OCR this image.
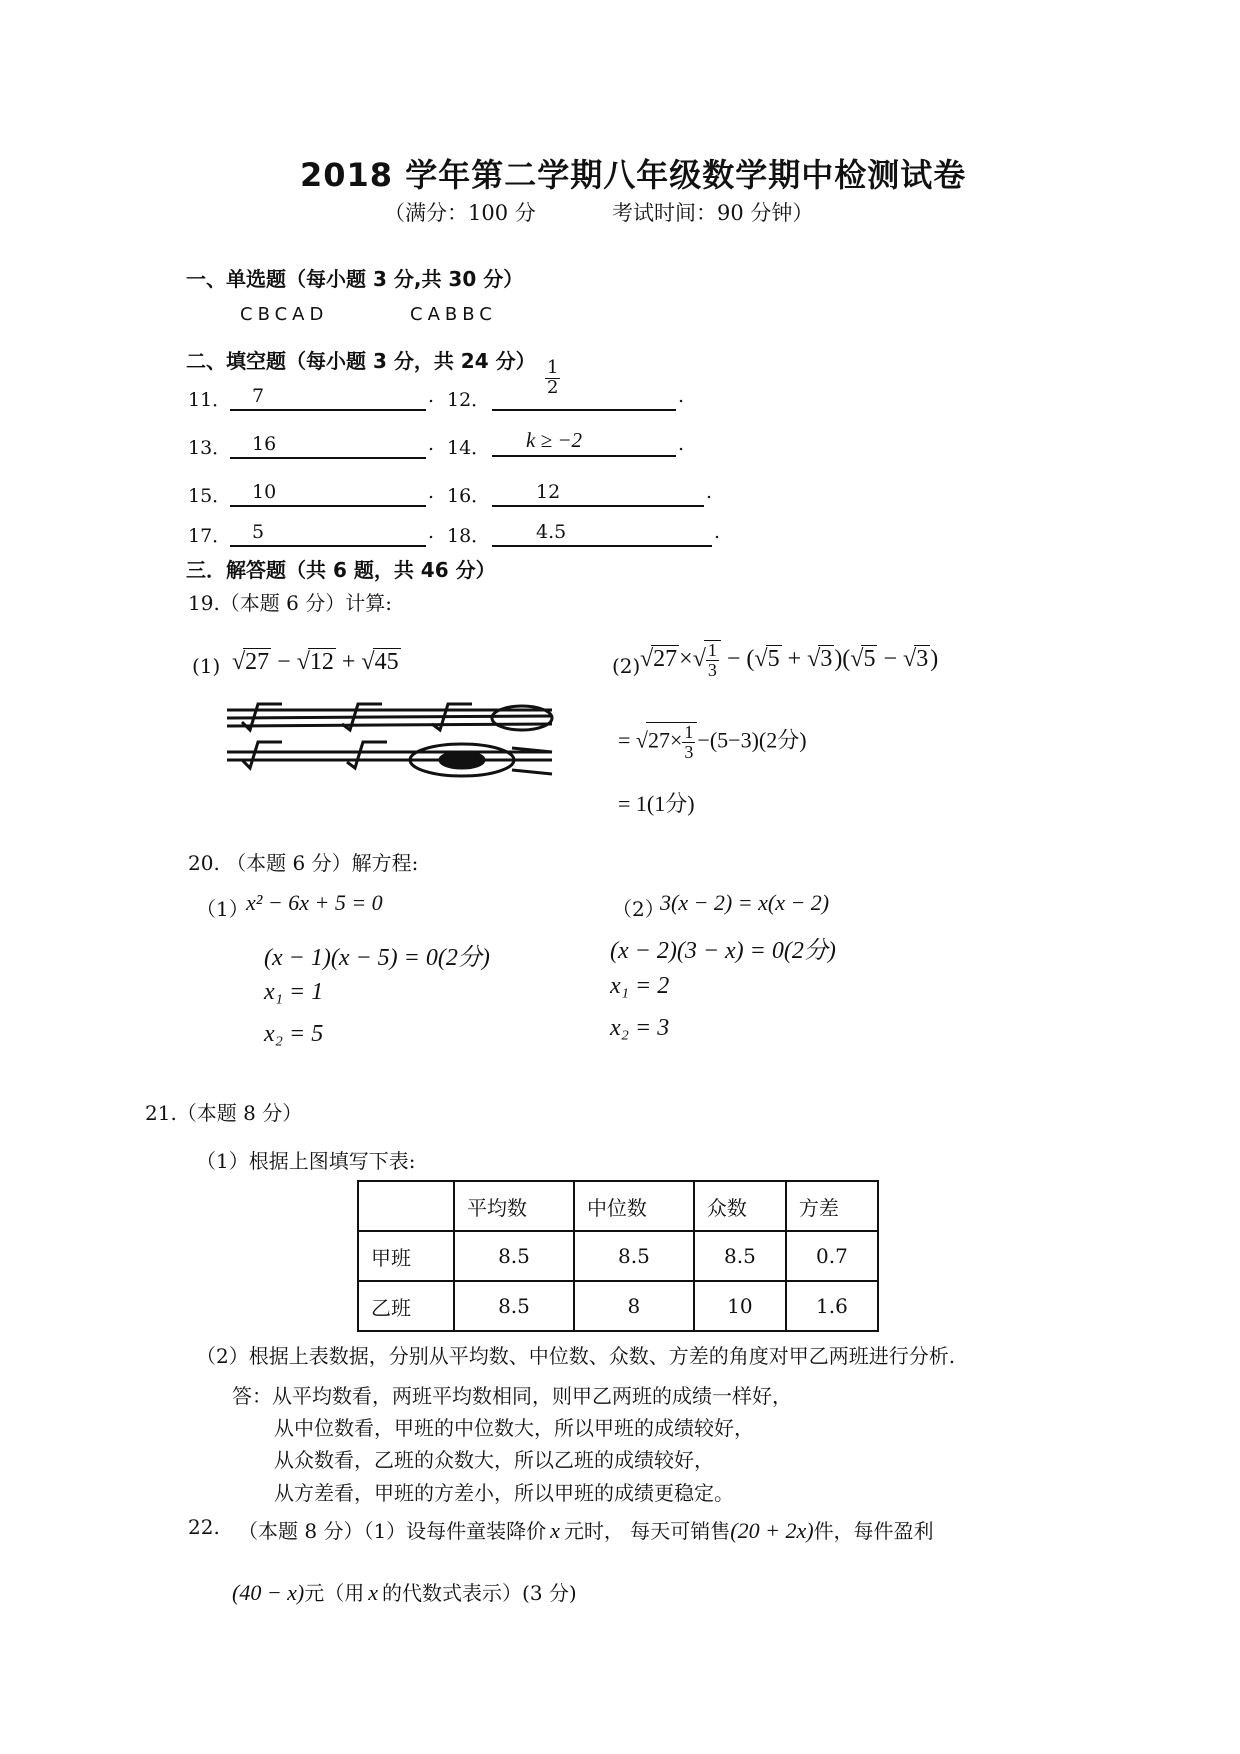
2018 学年第二学期八年级数学期中检测试卷
（满分：100 分	考试时间：90 分钟）
一、单选题（每小题 3 分,共 30 分）
CBCAD	CABBC
二、填空题（每小题 3 分，共 24 分）
11． 7	. 12．
$\frac{1}{2}$	.
13． 16	. 14． k ≥ −2	.
15． 10	. 16． 12	.
17． 5	. 18． 4.5	.
三．解答题（共 6 题，共 46 分）
19.（本题 6 分）计算:
(1) √27 − √12 + √45	(2) $√27\times√ \frac{1}{3} - (√5 + √3)(√5 - √3)$
= $√27\times \frac{1}{3} -(5-3)(2$分)
= 1(1分)
20. （本题 6 分）解方程:
（1）
x² − 6x + 5 = 0
(x − 1)(x − 5) = 0(2分)
x₁ = 1
x₂ = 5
（2）
3(x − 2) = x(x − 2)
(x − 2)(3 − x) = 0(2分)
x₁ = 2
x₂ = 3
21.（本题 8 分）
（1）根据上图填写下表:
	平均数	中位数	众数	方差
甲班	8.5	8.5	8.5	0.7
乙班	8.5	8	10	1.6
（2）根据上表数据，分别从平均数、中位数、众数、方差的角度对甲乙两班进行分析.
答：从平均数看，两班平均数相同，则甲乙两班的成绩一样好，
从中位数看，甲班的中位数大，所以甲班的成绩较好，
从众数看，乙班的众数大，所以乙班的成绩较好，
从方差看，甲班的方差小，所以甲班的成绩更稳定。
22. （本题 8 分）（1）设每件童装降价 x 元时， 每天可销售(20 + 2x)件，每件盈利
(40 − x)元（用 x 的代数式表示）(3 分)
